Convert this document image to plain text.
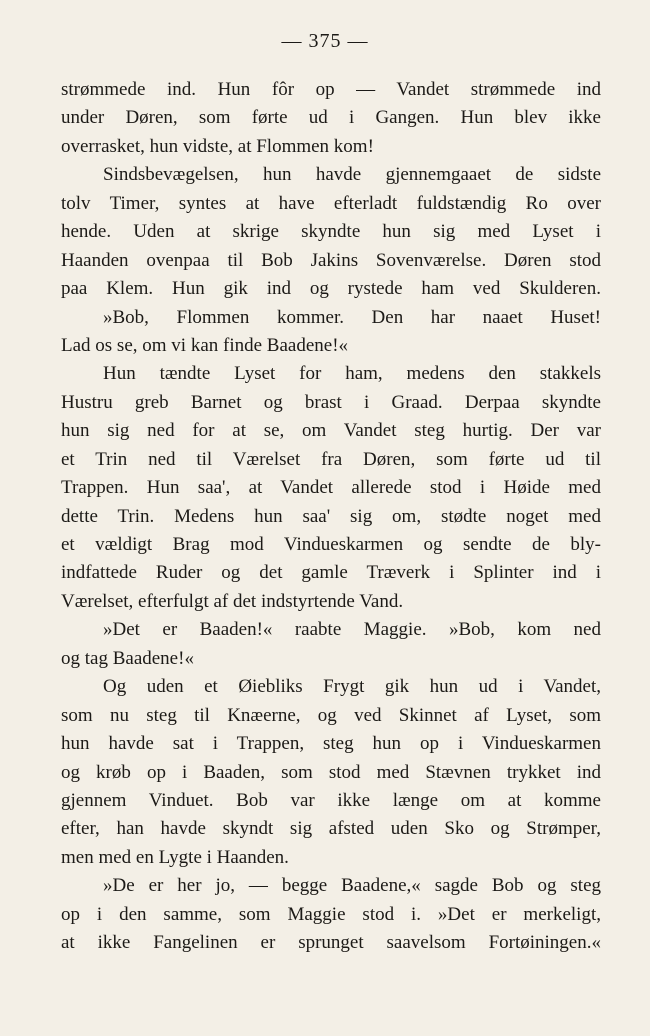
— 375 —
strømmede ind. Hun fôr op — Vandet strømmede ind
under Døren, som førte ud i Gangen. Hun blev ikke
overrasket, hun vidste, at Flommen kom!
Sindsbevægelsen, hun havde gjennemgaaet de sidste
tolv Timer, syntes at have efterladt fuldstændig Ro over
hende. Uden at skrige skyndte hun sig med Lyset i
Haanden ovenpaa til Bob Jakins Sovenværelse. Døren stod
paa Klem. Hun gik ind og rystede ham ved Skulderen.
»Bob, Flommen kommer. Den har naaet Huset!
Lad os se, om vi kan finde Baadene!«
Hun tændte Lyset for ham, medens den stakkels
Hustru greb Barnet og brast i Graad. Derpaa skyndte
hun sig ned for at se, om Vandet steg hurtig. Der var
et Trin ned til Værelset fra Døren, som førte ud til
Trappen. Hun saa', at Vandet allerede stod i Høide med
dette Trin. Medens hun saa' sig om, stødte noget med
et vældigt Brag mod Vindueskarmen og sendte de bly-
indfattede Ruder og det gamle Træverk i Splinter ind i
Værelset, efterfulgt af det indstyrtende Vand.
»Det er Baaden!« raabte Maggie. »Bob, kom ned
og tag Baadene!«
Og uden et Øiebliks Frygt gik hun ud i Vandet,
som nu steg til Knæerne, og ved Skinnet af Lyset, som
hun havde sat i Trappen, steg hun op i Vindueskarmen
og krøb op i Baaden, som stod med Stævnen trykket ind
gjennem Vinduet. Bob var ikke længe om at komme
efter, han havde skyndt sig afsted uden Sko og Strømper,
men med en Lygte i Haanden.
»De er her jo, — begge Baadene,« sagde Bob og steg
op i den samme, som Maggie stod i. »Det er merkeligt,
at ikke Fangelinen er sprunget saavelsom Fortøiningen.«
